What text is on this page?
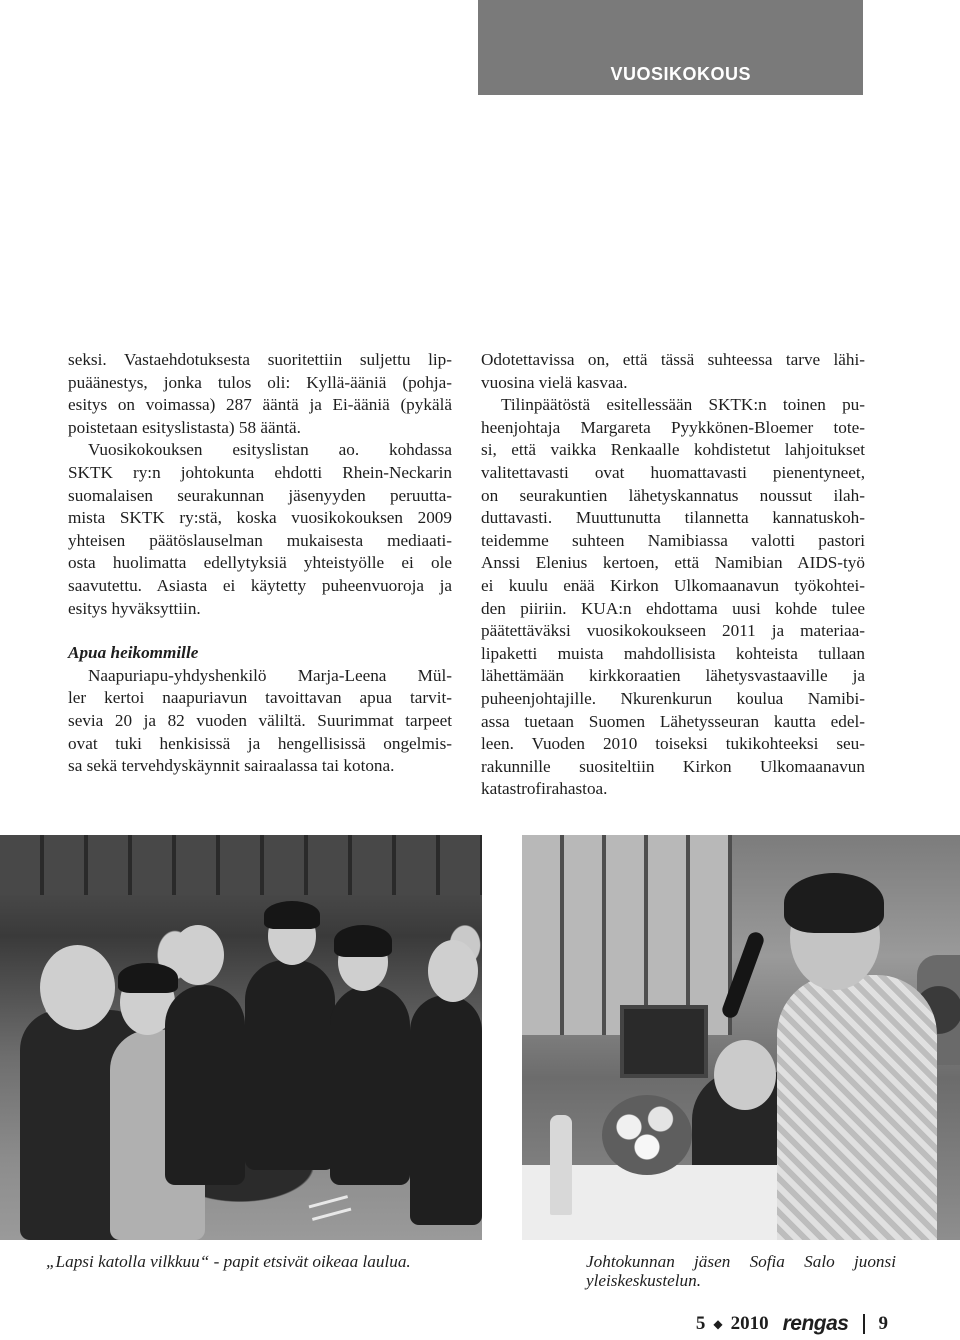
VUOSIKOKOUS
seksi. Vastaehdotuksesta suoritettiin suljettu lip-
puäänestys, jonka tulos oli: Kyllä-ääniä (pohja-
esitys on voimassa) 287 ääntä ja Ei-ääniä (pykälä
poistetaan esityslistasta) 58 ääntä.
Vuosikokouksen esityslistan ao. kohdassa
SKTK ry:n johtokunta ehdotti Rhein-Neckarin
suomalaisen seurakunnan jäsenyyden peruutta-
mista SKTK ry:stä, koska vuosikokouksen 2009
yhteisen päätöslauselman mukaisesta mediaati-
osta huolimatta edellytyksiä yhteistyölle ei ole
saavutettu. Asiasta ei käytetty puheenvuoroja ja
esitys hyväksyttiin.
Apua heikommille
Naapuriapu-yhdyshenkilö Marja-Leena Mül-
ler kertoi naapuriavun tavoittavan apua tarvit-
sevia 20 ja 82 vuoden väliltä. Suurimmat tarpeet
ovat tuki henkisissä ja hengellisissä ongelmis-
sa sekä tervehdyskäynnit sairaalassa tai kotona.
Odotettavissa on, että tässä suhteessa tarve lähi-
vuosina vielä kasvaa.
Tilinpäätöstä esitellessään SKTK:n toinen pu-
heenjohtaja Margareta Pyykkönen-Bloemer tote-
si, että vaikka Renkaalle kohdistetut lahjoitukset
valitettavasti ovat huomattavasti pienentyneet,
on seurakuntien lähetyskannatus noussut ilah-
duttavasti. Muuttunutta tilannetta kannatuskoh-
teidemme suhteen Namibiassa valotti pastori
Anssi Elenius kertoen, että Namibian AIDS-työ
ei kuulu enää Kirkon Ulkomaanavun työkohtei-
den piiriin. KUA:n ehdottama uusi kohde tulee
päätettäväksi vuosikokoukseen 2011 ja materiaa-
lipaketti muista mahdollisista kohteista tullaan
lähettämään kirkkoraatien lähetysvastaaville ja
puheenjohtajille. Nkurenkurun koulua Namibi-
assa tuetaan Suomen Lähetysseuran kautta edel-
leen. Vuoden 2010 toiseksi tukikohteeksi seu-
rakunnille suositeltiin Kirkon Ulkomaanavun
katastrofirahastoa.
„Lapsi katolla vilkkuu“ - papit etsivät oikeaa laulua.	Johtokunnan jäsen Sofia Salo juonsi yleiskeskustelun.
5 ◆ 2010 rengas 9
